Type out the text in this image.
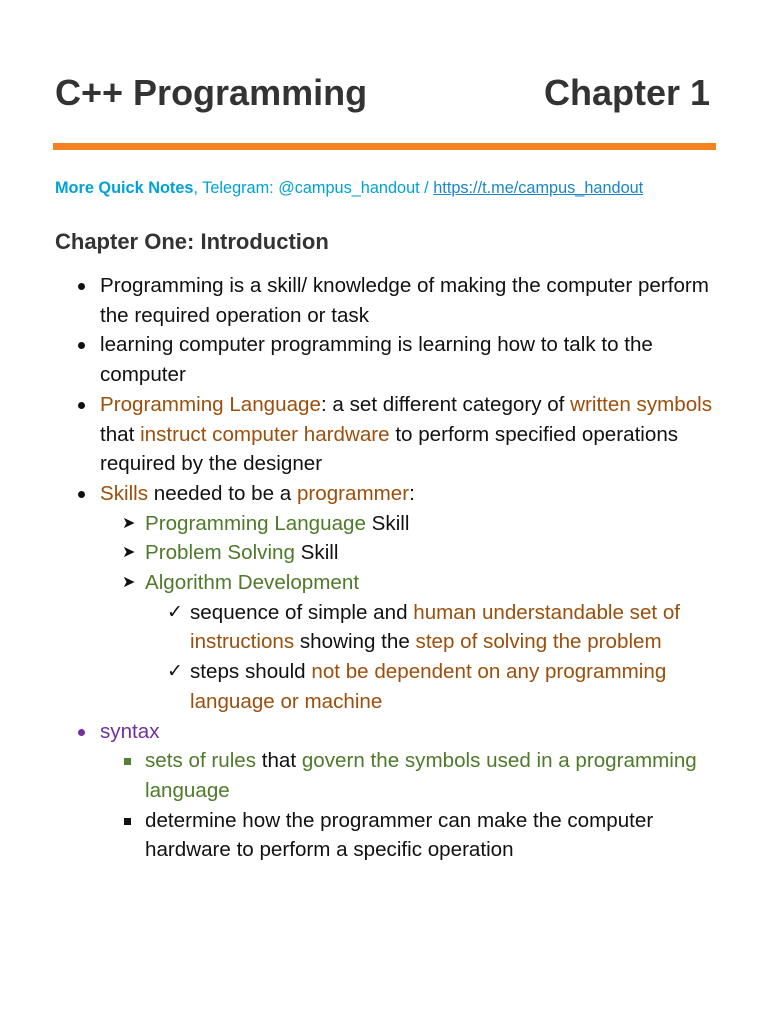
C++ Programming	Chapter 1
More Quick Notes, Telegram: @campus_handout / https://t.me/campus_handout
Chapter One: Introduction
Programming is a skill/ knowledge of making the computer perform the required operation or task
learning computer programming is learning how to talk to the computer
Programming Language: a set different category of written symbols that instruct computer hardware to perform specified operations required by the designer
Skills needed to be a programmer:
➤ Programming Language Skill
➤ Problem Solving Skill
➤ Algorithm Development
✓ sequence of simple and human understandable set of instructions showing the step of solving the problem
✓ steps should not be dependent on any programming language or machine
syntax
sets of rules that govern the symbols used in a programming language
determine how the programmer can make the computer hardware to perform a specific operation
